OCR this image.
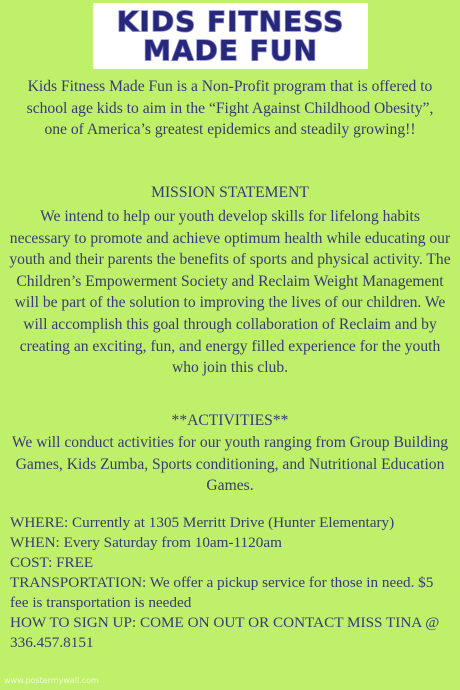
KIDS FITNESS
MADE FUN
Kids Fitness Made Fun is a Non-Profit program that is offered to school age kids to aim in the “Fight Against Childhood Obesity”, one of America’s greatest epidemics and steadily growing!!
MISSION STATEMENT
We intend to help our youth develop skills for lifelong habits necessary to promote and achieve optimum health while educating our youth and their parents the benefits of sports and physical activity. The Children’s Empowerment Society and Reclaim Weight Management will be part of the solution to improving the lives of our children. We will accomplish this goal through collaboration of Reclaim and by creating an exciting, fun, and energy filled experience for the youth who join this club.
**ACTIVITIES**
We will conduct activities for our youth ranging from Group Building Games, Kids Zumba, Sports conditioning, and Nutritional Education Games.

WHERE: Currently at 1305 Merritt Drive (Hunter Elementary)

WHEN: Every Saturday from 10am-1120am

COST: FREE

TRANSPORTATION: We offer a pickup service for those in need. $5 fee is transportation is needed

HOW TO SIGN UP: COME ON OUT OR CONTACT MISS TINA @ 336.457.8151

www.postermywall.com
